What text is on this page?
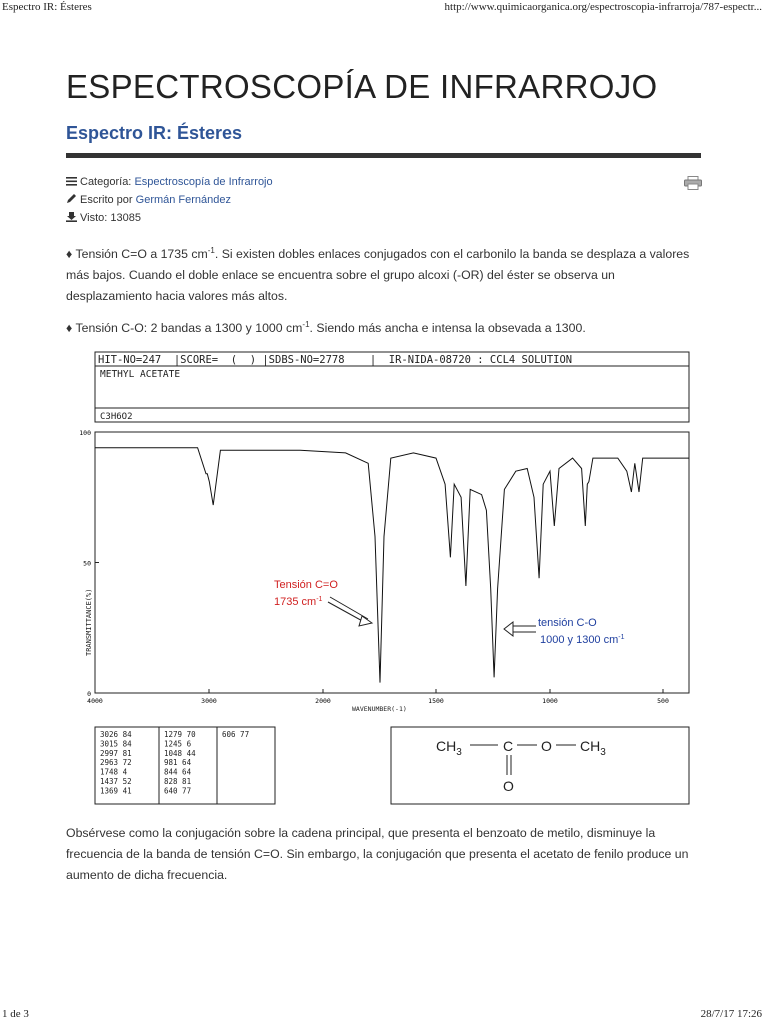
Espectro IR: Ésteres	http://www.quimicaorganica.org/espectroscopia-infrarroja/787-espectr...
ESPECTROSCOPÍA DE INFRARROJO
Espectro IR: Ésteres
Categoría: Espectroscopía de Infrarrojo
Escrito por Germán Fernández
Visto: 13085
♦ Tensión C=O a 1735 $cm^{-1}$. Si existen dobles enlaces conjugados con el carbonilo la banda se desplaza a valores más bajos. Cuando el doble enlace se encuentra sobre el grupo alcoxi (-OR) del éster se observa un desplazamiento hacia valores más altos.
♦ Tensión C-O: 2 bandas a 1300 y 1000 $cm^{-1}$. Siendo más ancha e intensa la obsevada a 1300.
HIT-NO=247  |SCORE=  (  ) |SDBS-NO=2778    |  IR-NIDA-08720 : CCL4 SOLUTION
METHYL ACETATE
C3H6O2
100
50
0
4000	3000	2000	1500	1000	500
TRANSMITTANCE(%)
WAVENUMBER(-1)
Tensión C=O
1735 $cm^{-1}$
tensión C-O
1000 y 1300 $cm^{-1}$
3026 84
3015 84
2997 81
2963 72
1748 4
1437 52
1369 41
1279 70
1245 6
1048 44
981 64
844 64
828 81
640 77
606 77
$CH_3$	C O $CH_3$
O
Obsérvese como la conjugación sobre la cadena principal, que presenta el benzoato de metilo, disminuye la frecuencia de la banda de tensión C=O. Sin embargo, la conjugación que presenta el acetato de fenilo produce un aumento de dicha frecuencia.
1 de 3	28/7/17 17:26
